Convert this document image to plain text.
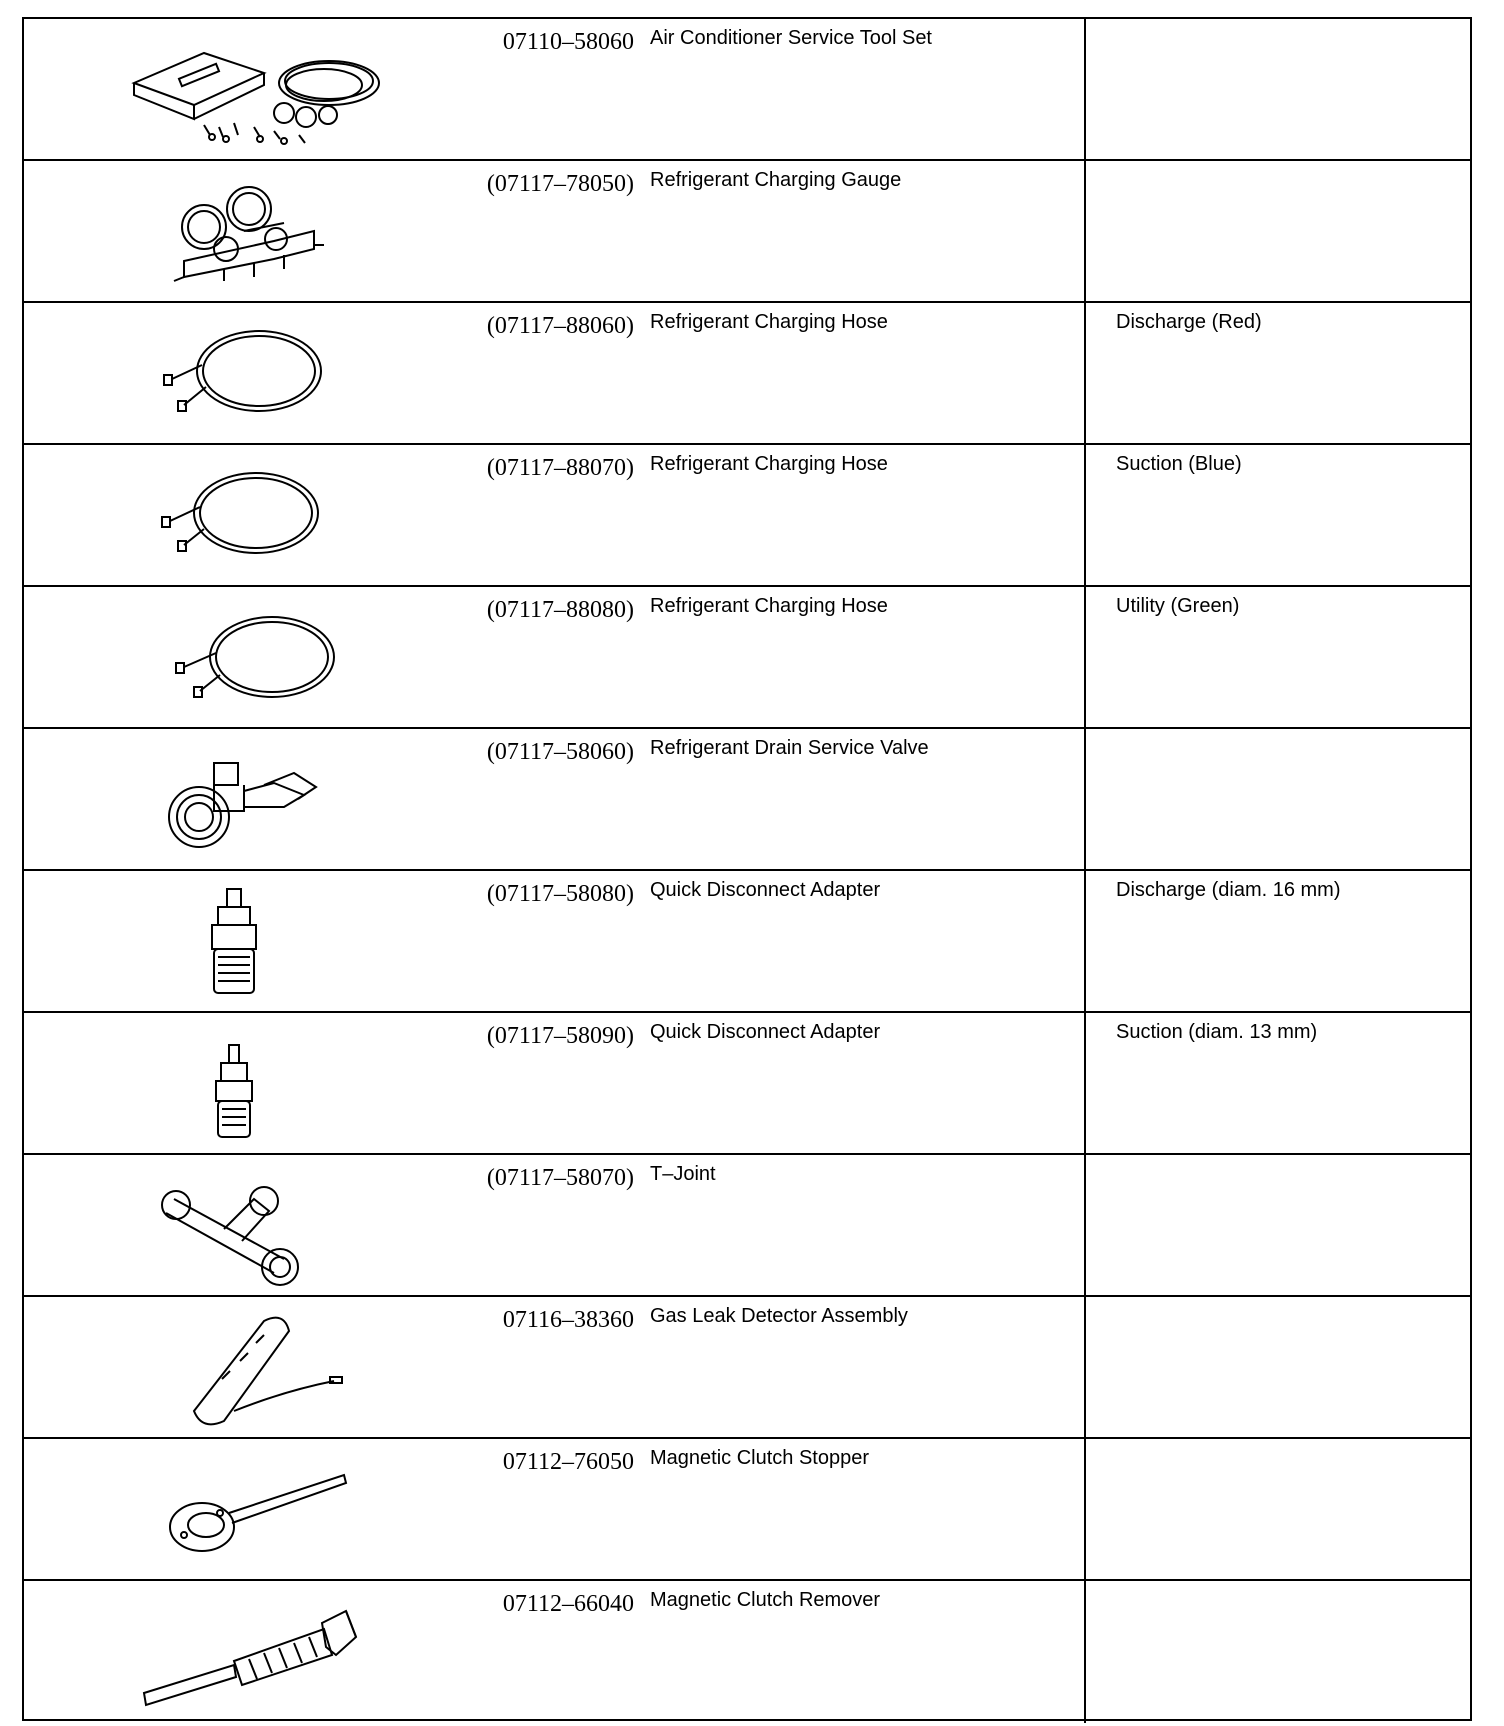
07110–58060 Air Conditioner Service Tool Set
(07117–78050) Refrigerant Charging Gauge
(07117–88060) Refrigerant Charging Hose	Discharge (Red)
(07117–88070) Refrigerant Charging Hose	Suction (Blue)
(07117–88080) Refrigerant Charging Hose	Utility (Green)
(07117–58060) Refrigerant Drain Service Valve
(07117–58080) Quick Disconnect Adapter	Discharge (diam. 16 mm)
(07117–58090) Quick Disconnect Adapter	Suction (diam. 13 mm)
(07117–58070) T–Joint
07116–38360 Gas Leak Detector Assembly
07112–76050 Magnetic Clutch Stopper
07112–66040 Magnetic Clutch Remover
